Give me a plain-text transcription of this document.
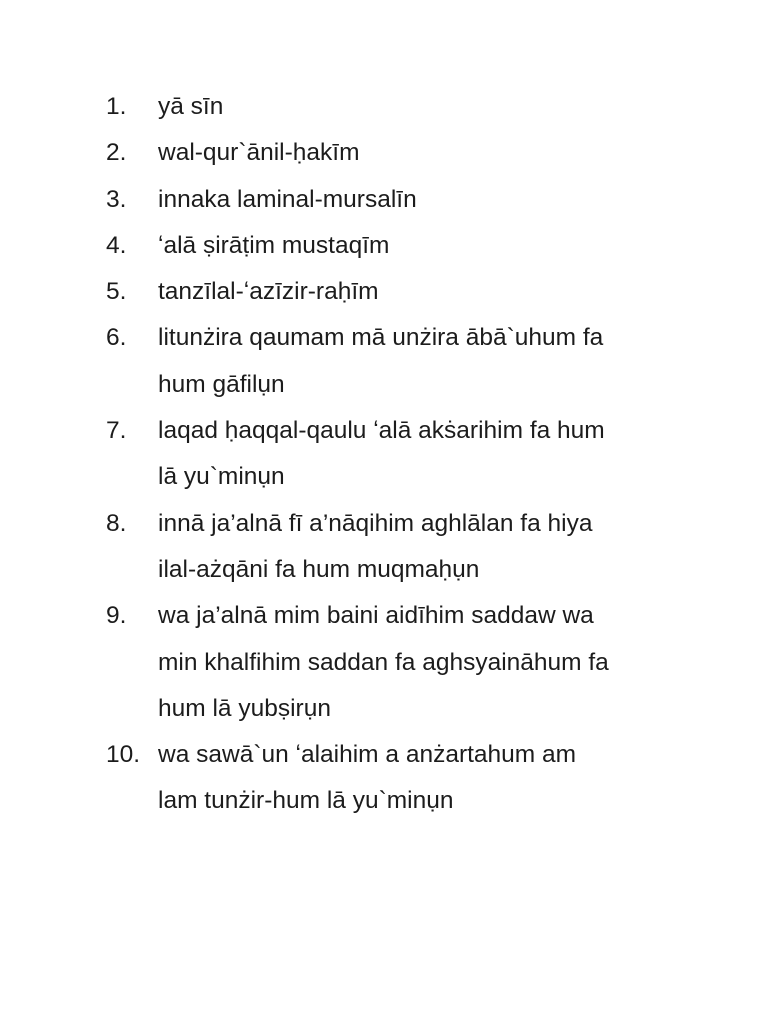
1.	yā sīn
2.	wal-qur`ānil-ḥakīm
3.	innaka laminal-mursalīn
4.	ʻalā ṣirāṭim mustaqīm
5.	tanzīlal-ʻazīzir-raḥīm
6.	litunżira qaumam mā unżira ābā`uhum fa
hum gāfilụn
7.	laqad ḥaqqal-qaulu ʻalā akṡarihim fa hum
lā yu`minụn
8.	innā ja’alnā fī a’nāqihim aghlālan fa hiya
ilal-ażqāni fa hum muqmaḥụn
9.	wa ja’alnā mim baini aidīhim saddaw wa
min khalfihim saddan fa aghsyaināhum fa
hum lā yubṣirụn
10. wa sawā`un ʻalaihim a anżartahum am
lam tunżir-hum lā yu`minụn
